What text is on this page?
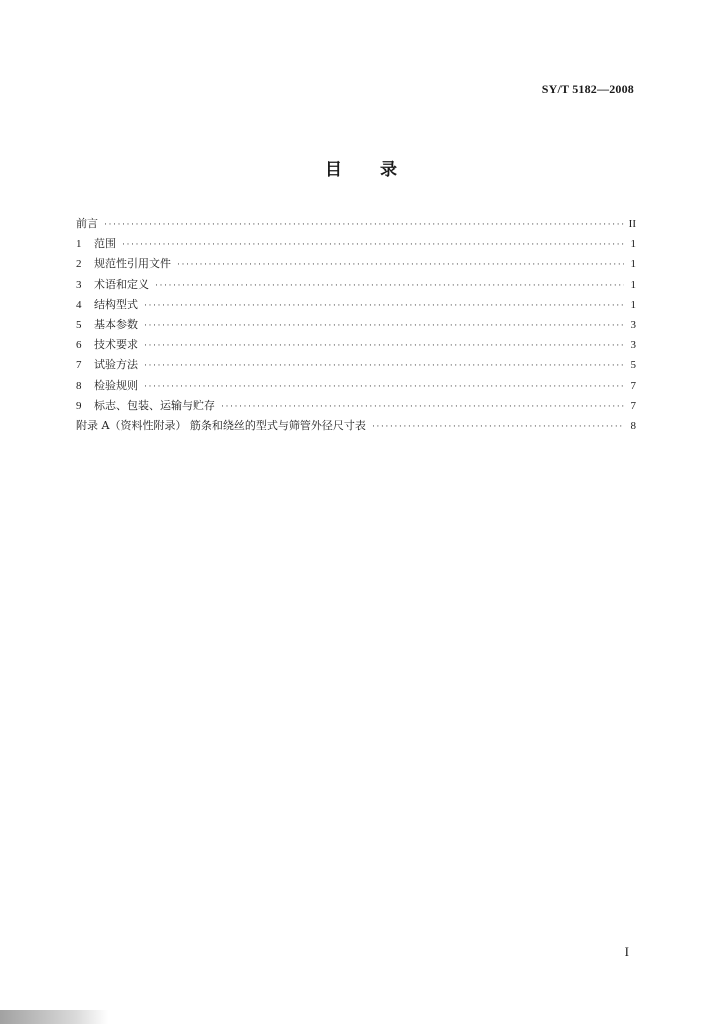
SY/T 5182—2008
目 录
前言 ·····	II
1	范围 ·····	1
2	规范性引用文件 ·····	1
3	术语和定义 ·····	1
4	结构型式 ·····	1
5	基本参数 ·····	3
6	技术要求 ·····	3
7	试验方法 ·····	5
8	检验规则 ·····	7
9	标志、包装、运输与贮存 ·····	7
附录 A（资料性附录） 筋条和绕丝的型式与筛管外径尺寸表 ·····	8
I
